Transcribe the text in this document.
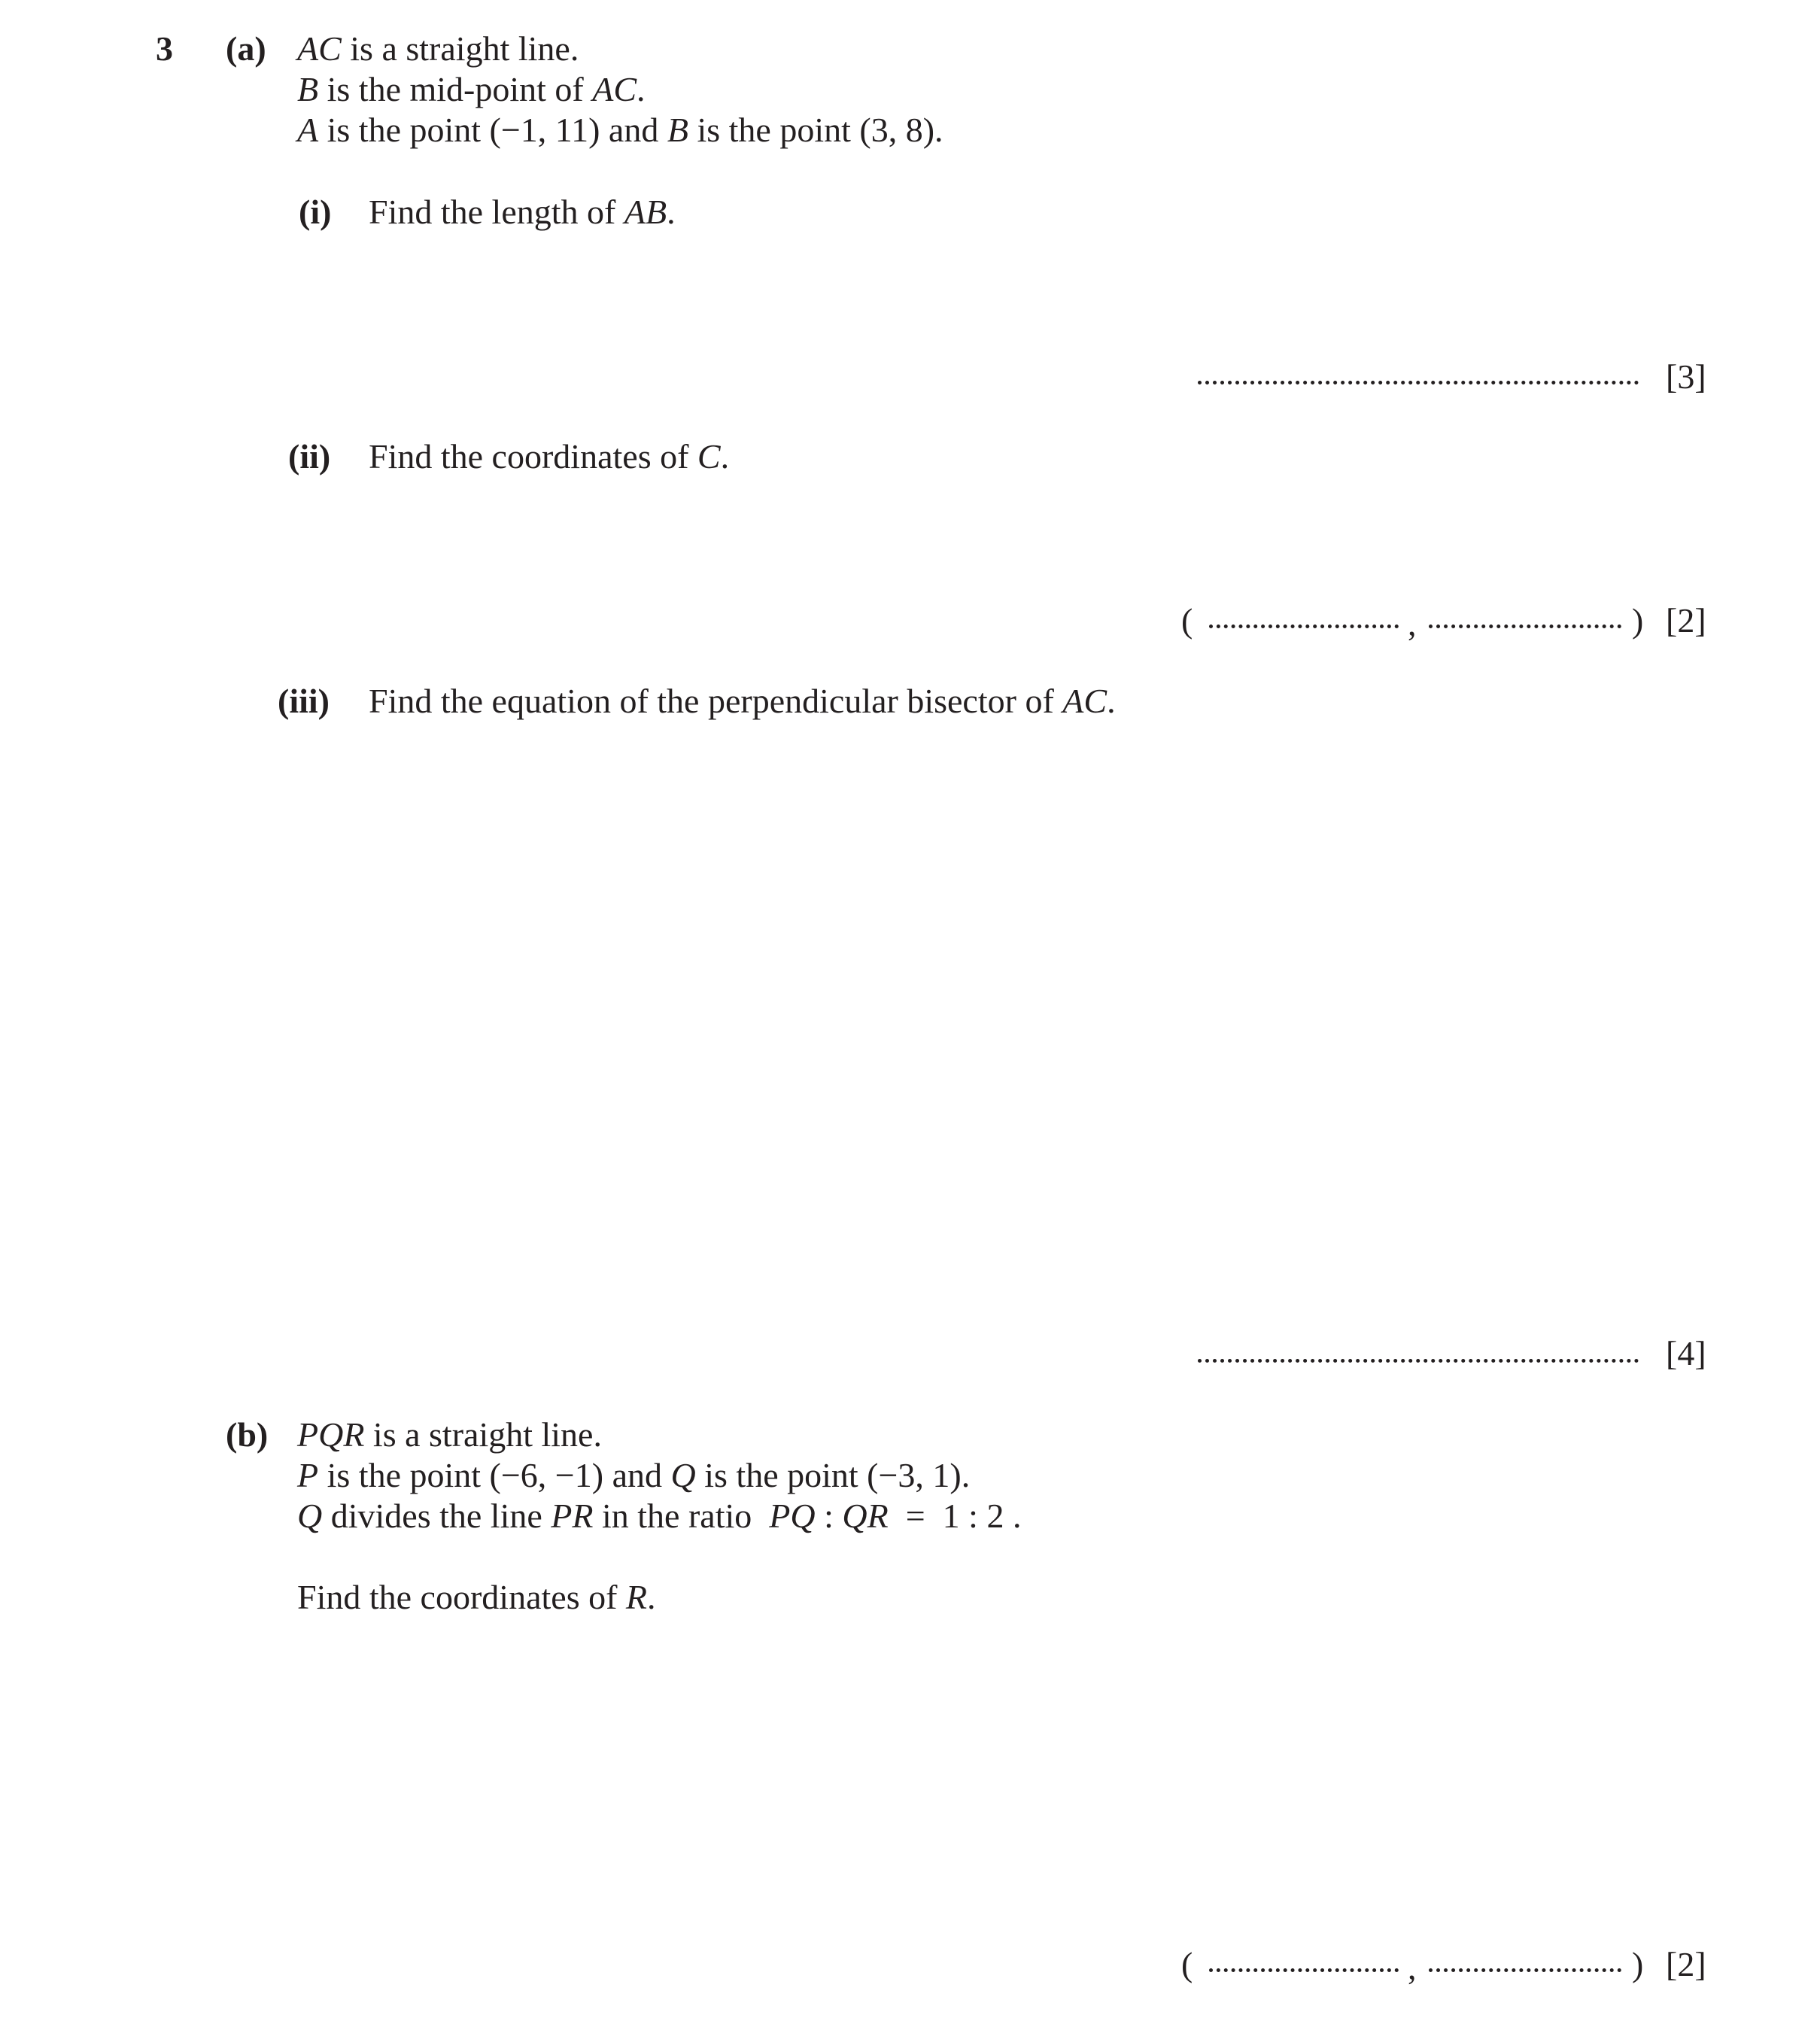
3 (a) AC is a straight line.
B is the mid-point of AC.
A is the point (−1, 11) and B is the point (3, 8).
(i) Find the length of AB.
[3]
(ii) Find the coordinates of C.
(	,	) [2]
(iii) Find the equation of the perpendicular bisector of AC.
[4]
(b) PQR is a straight line.
P is the point (−6, −1) and Q is the point (−3, 1).
Q divides the line PR in the ratio  PQ : QR  =  1 : 2 .
Find the coordinates of R.
(	,	) [2]
